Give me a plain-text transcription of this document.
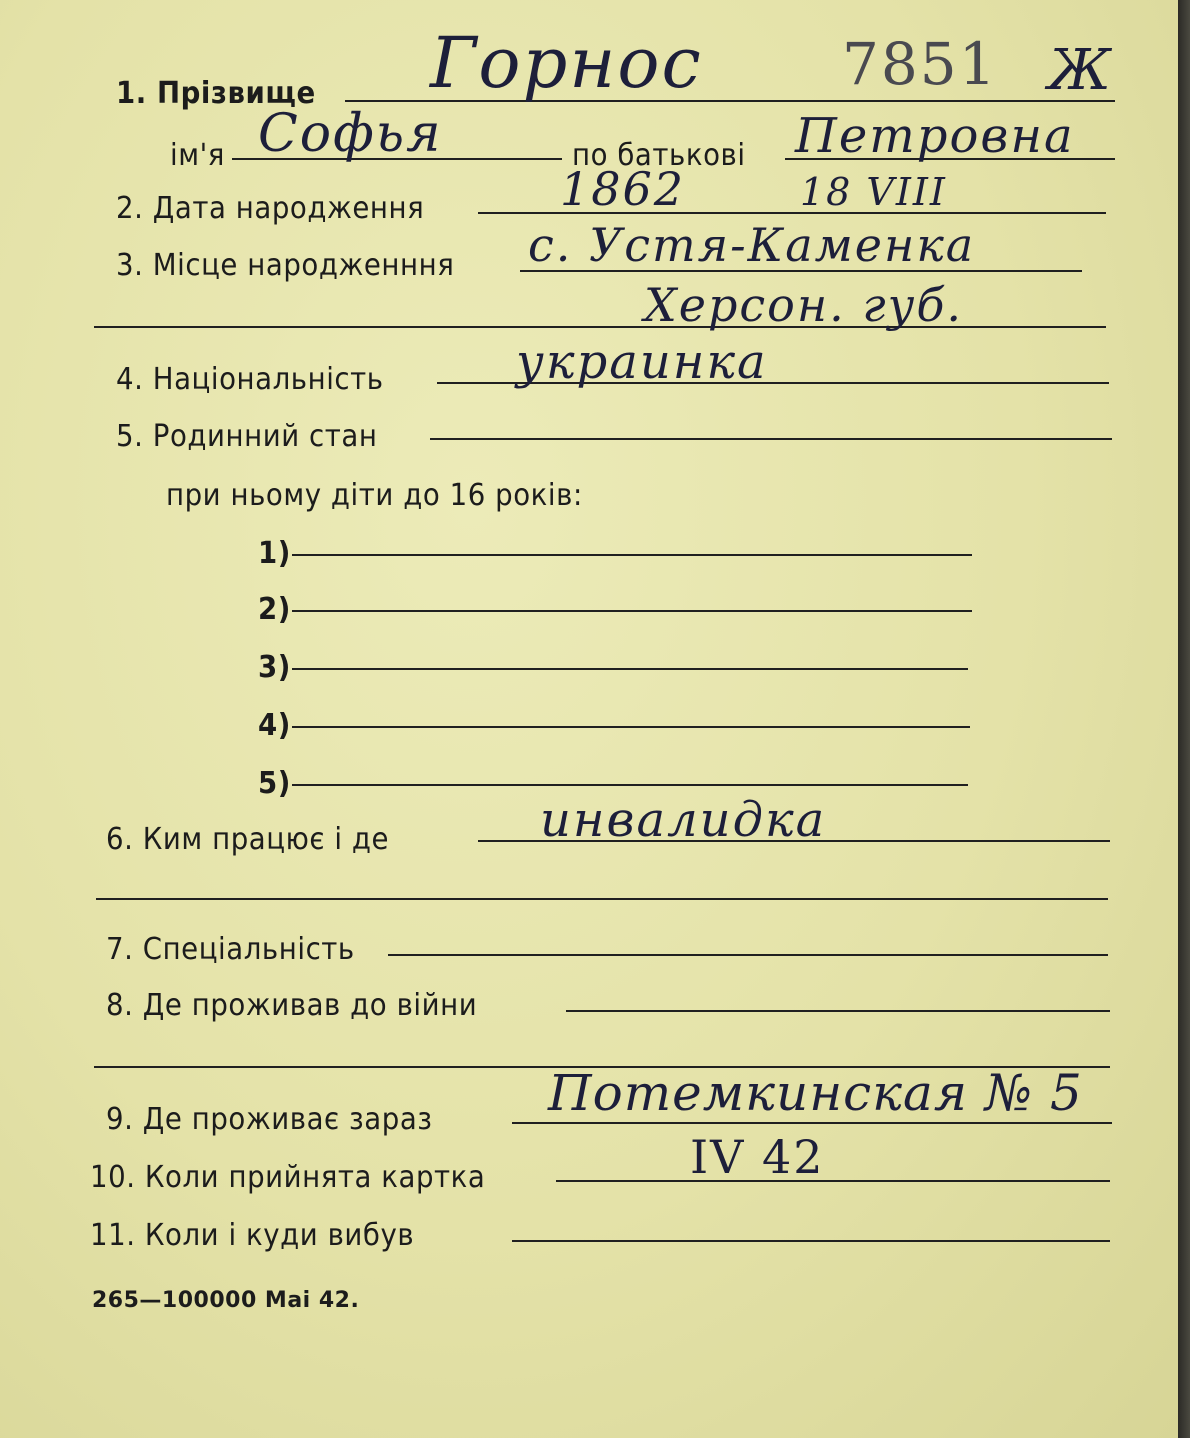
1. Прізвище Горнос 7851 Ж
ім'я Софья	по батькові Петровна
2. Дата народження	1862	18 VIII
3. Місце народженння с. Устя-Каменка
Херсон. губ.
4. Національність	украинка
5. Родинний стан
при ньому діти до 16 років:
1)
2)
3)
4)
5)
6. Ким працює і де	инвалидка
7. Спеціальність
8. Де проживав до війни
9. Де проживає зараз Потемкинская № 5
10. Коли прийнята картка	IV 42
11. Коли і куди вибув
265—100000 Mai 42.
